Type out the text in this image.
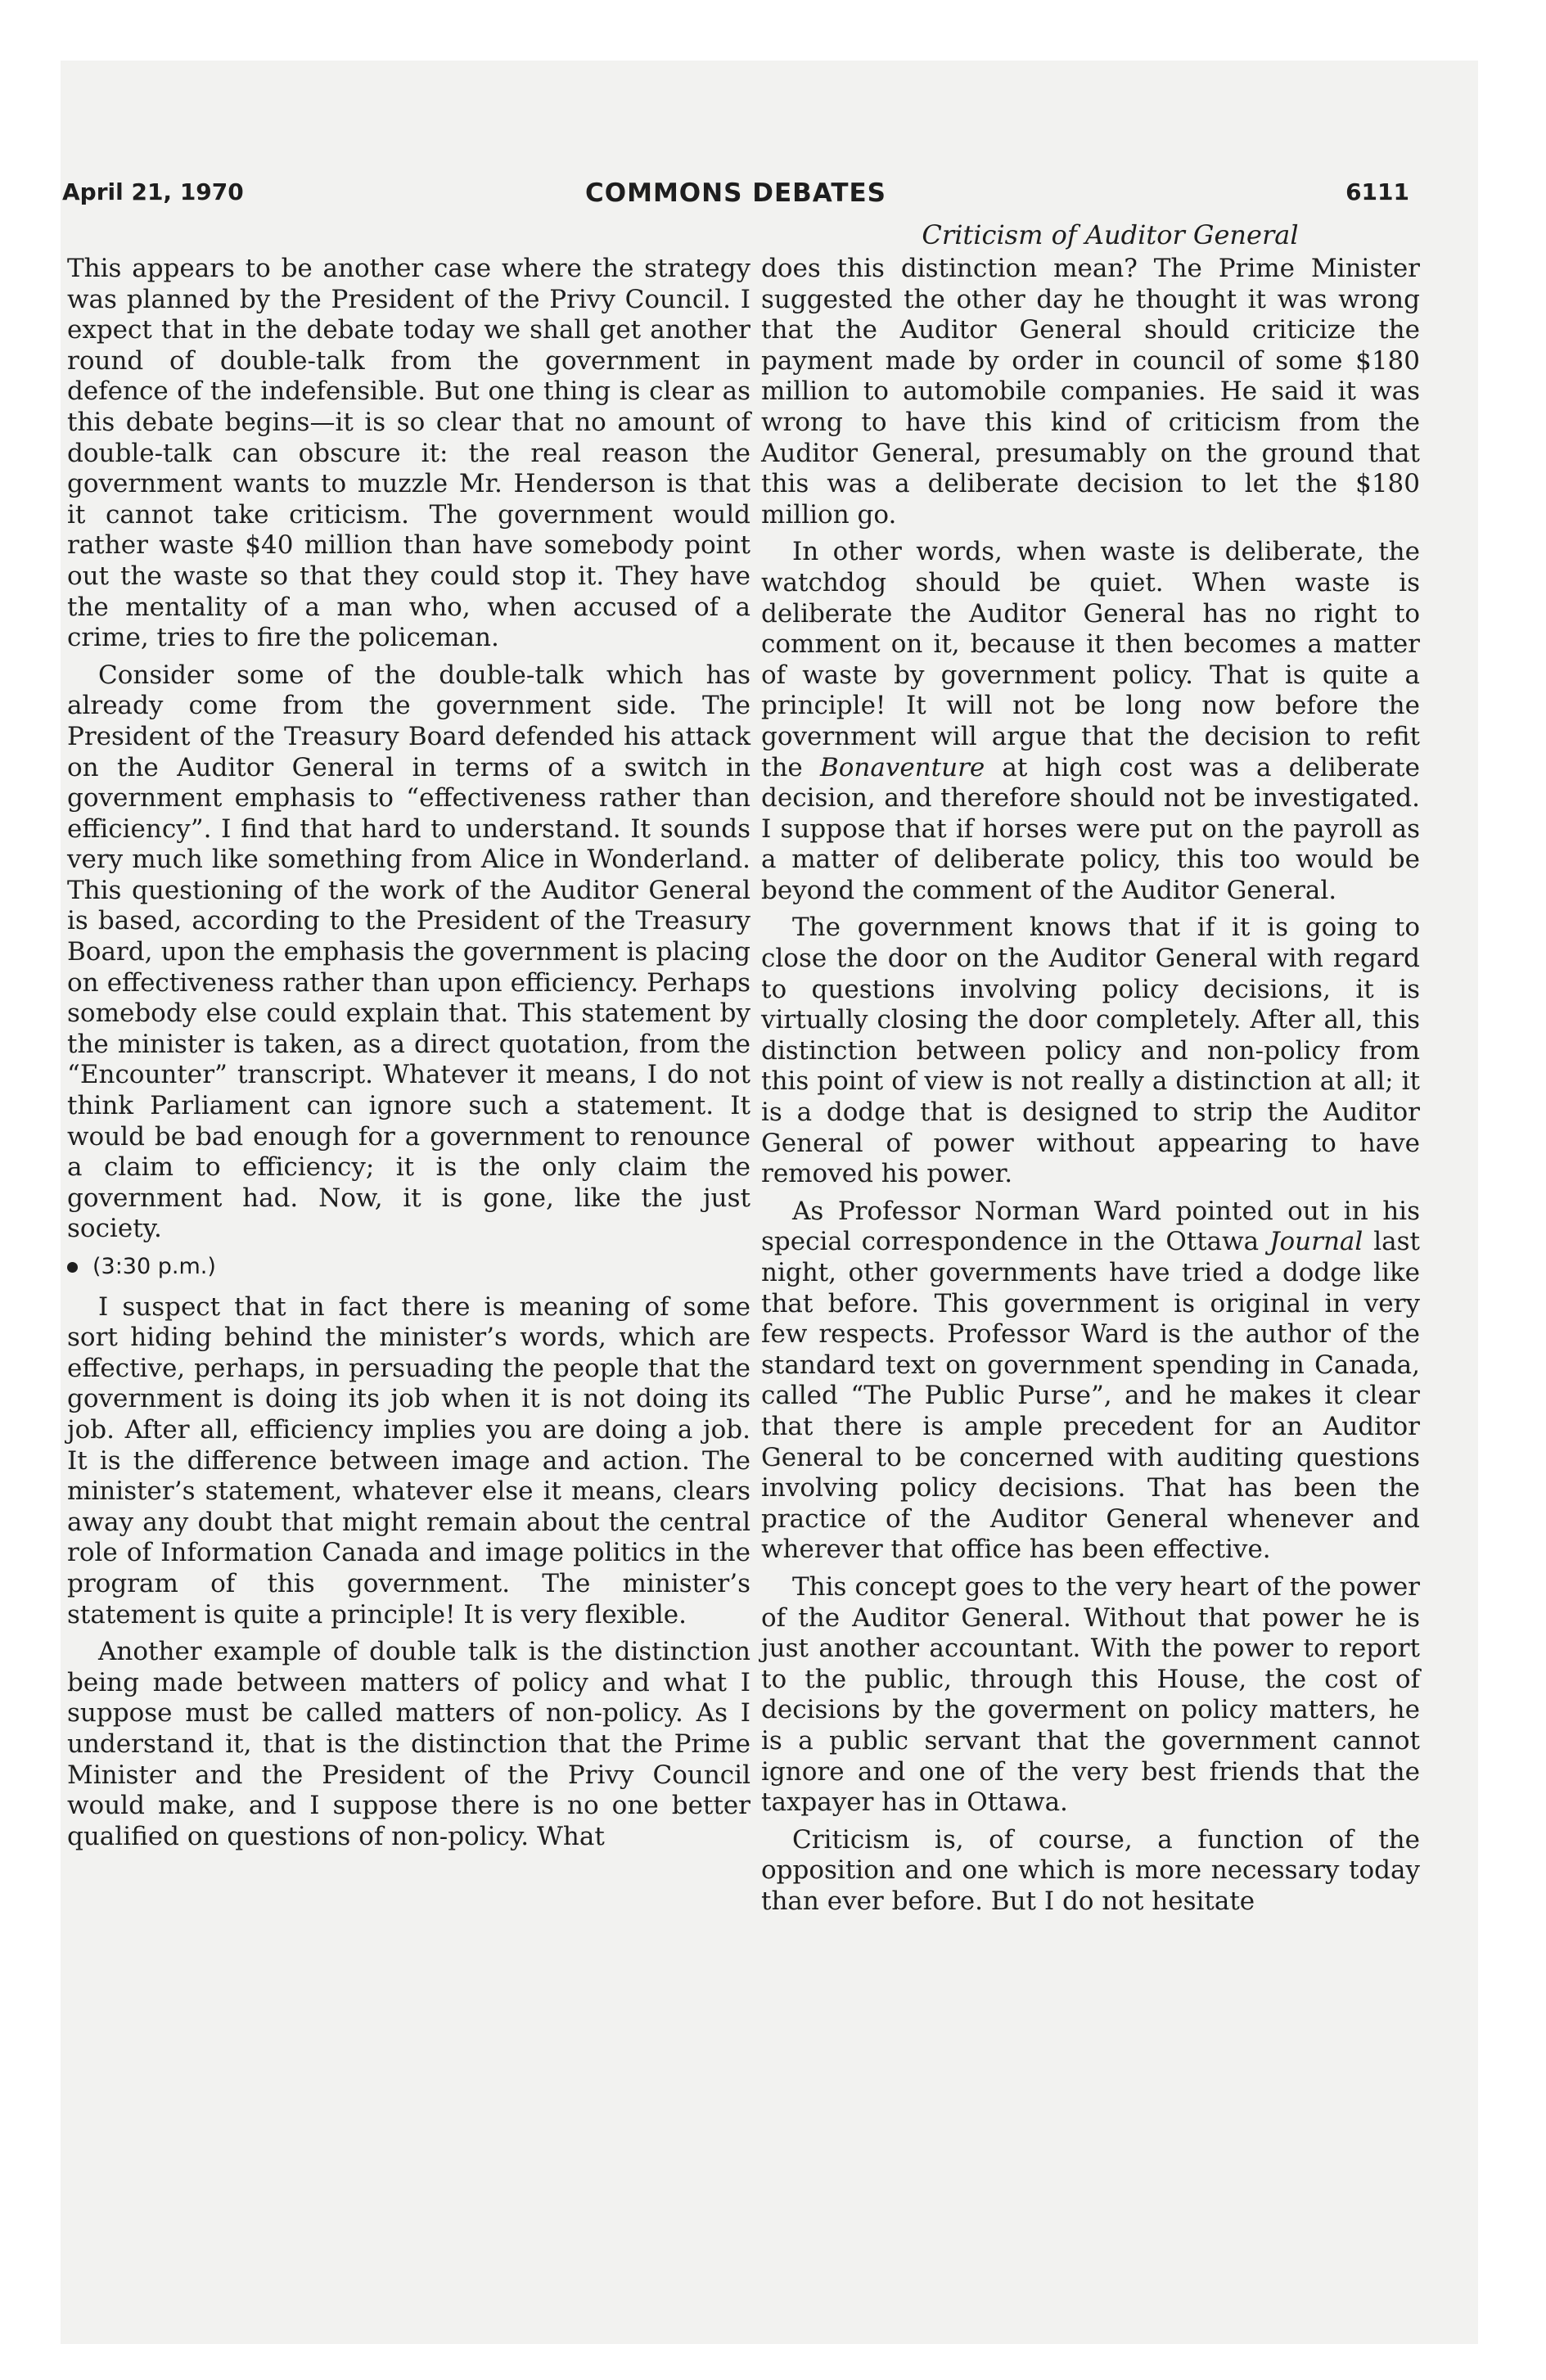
April 21, 1970	COMMONS DEBATES	6111
Criticism of Auditor General

This appears to be another case where the strategy was planned by the President of the Privy Council. I expect that in the debate today we shall get another round of double-talk from the government in defence of the indefensible. But one thing is clear as this debate begins—it is so clear that no amount of double-talk can obscure it: the real reason the government wants to muzzle Mr. Henderson is that it cannot take criticism. The government would rather waste $40 million than have somebody point out the waste so that they could stop it. They have the mentality of a man who, when accused of a crime, tries to fire the policeman.

Consider some of the double-talk which has already come from the government side. The President of the Treasury Board defended his attack on the Auditor General in terms of a switch in government emphasis to “effectiveness rather than efficiency”. I find that hard to understand. It sounds very much like something from Alice in Wonderland. This questioning of the work of the Auditor General is based, according to the President of the Treasury Board, upon the emphasis the government is placing on effectiveness rather than upon efficiency. Perhaps somebody else could explain that. This statement by the minister is taken, as a direct quotation, from the “Encounter” transcript. Whatever it means, I do not think Parliament can ignore such a statement. It would be bad enough for a government to renounce a claim to efficiency; it is the only claim the government had. Now, it is gone, like the just society.

(3:30 p.m.)

I suspect that in fact there is meaning of some sort hiding behind the minister’s words, which are effective, perhaps, in persuading the people that the government is doing its job when it is not doing its job. After all, efficiency implies you are doing a job. It is the difference between image and action. The minister’s statement, whatever else it means, clears away any doubt that might remain about the central role of Information Canada and image politics in the program of this government. The minister’s statement is quite a principle! It is very flexible.

Another example of double talk is the distinction being made between matters of policy and what I suppose must be called matters of non-policy. As I understand it, that is the distinction that the Prime Minister and the President of the Privy Council would make, and I suppose there is no one better qualified on questions of non-policy. What

does this distinction mean? The Prime Minister suggested the other day he thought it was wrong that the Auditor General should criticize the payment made by order in council of some $180 million to automobile companies. He said it was wrong to have this kind of criticism from the Auditor General, presumably on the ground that this was a deliberate decision to let the $180 million go.

In other words, when waste is deliberate, the watchdog should be quiet. When waste is deliberate the Auditor General has no right to comment on it, because it then becomes a matter of waste by government policy. That is quite a principle! It will not be long now before the government will argue that the decision to refit the Bonaventure at high cost was a deliberate decision, and therefore should not be investigated. I suppose that if horses were put on the payroll as a matter of deliberate policy, this too would be beyond the comment of the Auditor General.

The government knows that if it is going to close the door on the Auditor General with regard to questions involving policy decisions, it is virtually closing the door completely. After all, this distinction between policy and non-policy from this point of view is not really a distinction at all; it is a dodge that is designed to strip the Auditor General of power without appearing to have removed his power.

As Professor Norman Ward pointed out in his special correspondence in the Ottawa Journal last night, other governments have tried a dodge like that before. This government is original in very few respects. Professor Ward is the author of the standard text on government spending in Canada, called “The Public Purse”, and he makes it clear that there is ample precedent for an Auditor General to be concerned with auditing questions involving policy decisions. That has been the practice of the Auditor General whenever and wherever that office has been effective.

This concept goes to the very heart of the power of the Auditor General. Without that power he is just another accountant. With the power to report to the public, through this House, the cost of decisions by the goverment on policy matters, he is a public servant that the government cannot ignore and one of the very best friends that the taxpayer has in Ottawa.

Criticism is, of course, a function of the opposition and one which is more necessary today than ever before. But I do not hesitate
